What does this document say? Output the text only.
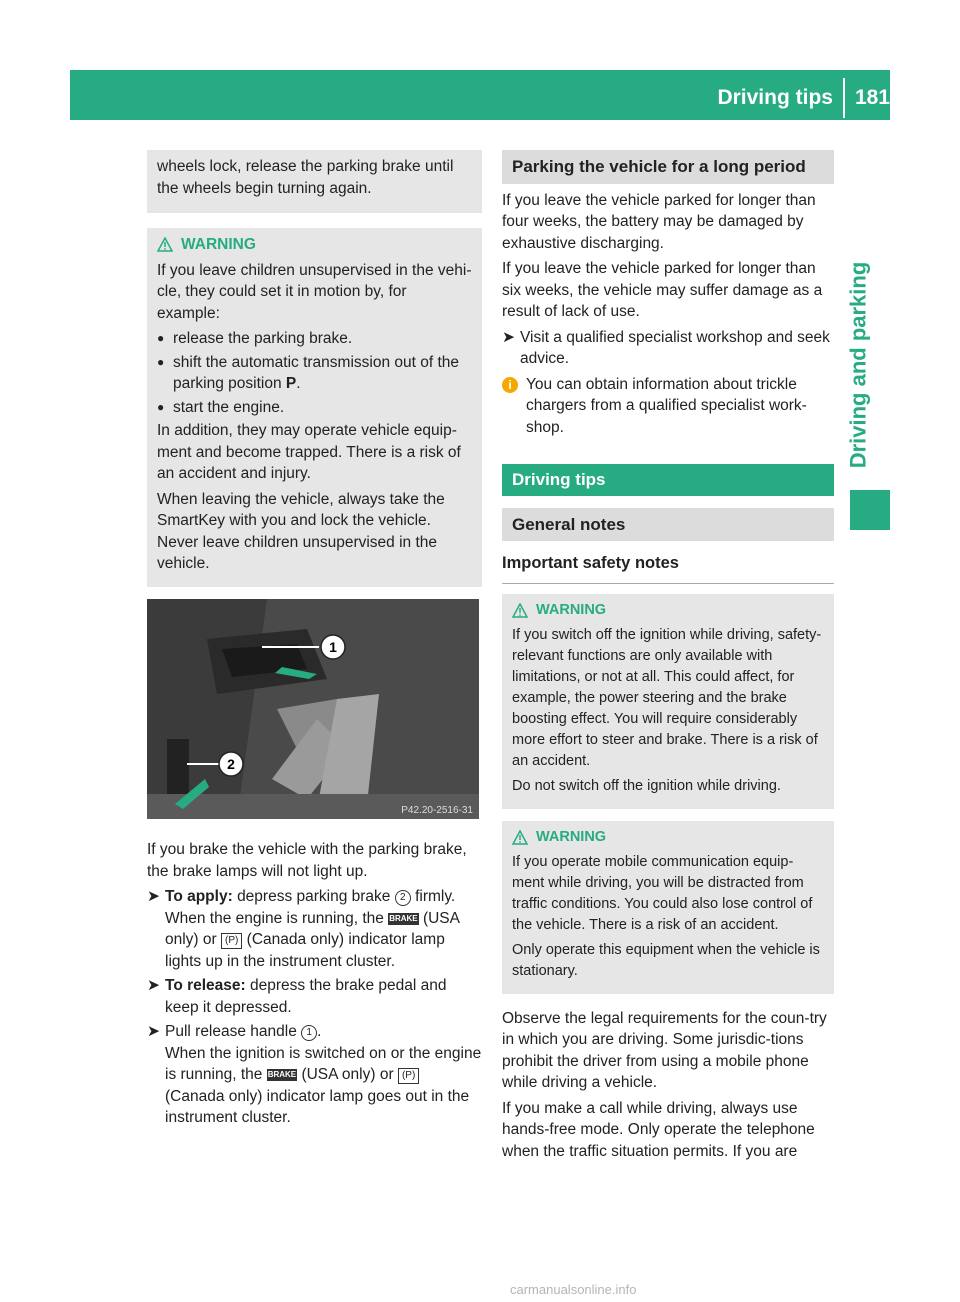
Driving tips 181
Driving and parking

wheels lock, release the parking brake until the wheels begin turning again.

WARNING

If you leave children unsupervised in the vehi-cle, they could set it in motion by, for example:

● release the parking brake.
● shift the automatic transmission out of the parking position P.
● start the engine.

In addition, they may operate vehicle equip-ment and become trapped. There is a risk of an accident and injury.

When leaving the vehicle, always take the SmartKey with you and lock the vehicle. Never leave children unsupervised in the vehicle.

1
2
P42.20-2516-31

If you brake the vehicle with the parking brake, the brake lamps will not light up.

➤ To apply: depress parking brake 2 firmly. When the engine is running, the BRAKE (USA only) or (P) (Canada only) indicator lamp lights up in the instrument cluster.
➤ To release: depress the brake pedal and keep it depressed.
➤ Pull release handle 1 .
When the ignition is switched on or the engine is running, the BRAKE (USA only) or (P) (Canada only) indicator lamp goes out in the instrument cluster.
Parking the vehicle for a long period

If you leave the vehicle parked for longer than four weeks, the battery may be damaged by exhaustive discharging.

If you leave the vehicle parked for longer than six weeks, the vehicle may suffer damage as a result of lack of use.

➤ Visit a qualified specialist workshop and seek advice.
i You can obtain information about trickle chargers from a qualified specialist work-shop.
Driving tips
General notes
Important safety notes
WARNING

If you switch off the ignition while driving, safety-relevant functions are only available with limitations, or not at all. This could affect, for example, the power steering and the brake boosting effect. You will require considerably more effort to steer and brake. There is a risk of an accident.

Do not switch off the ignition while driving.

WARNING

If you operate mobile communication equip-ment while driving, you will be distracted from traffic conditions. You could also lose control of the vehicle. There is a risk of an accident.

Only operate this equipment when the vehicle is stationary.

Observe the legal requirements for the coun-try in which you are driving. Some jurisdic-tions prohibit the driver from using a mobile phone while driving a vehicle.

If you make a call while driving, always use hands-free mode. Only operate the telephone when the traffic situation permits. If you are

carmanualsonline.info
